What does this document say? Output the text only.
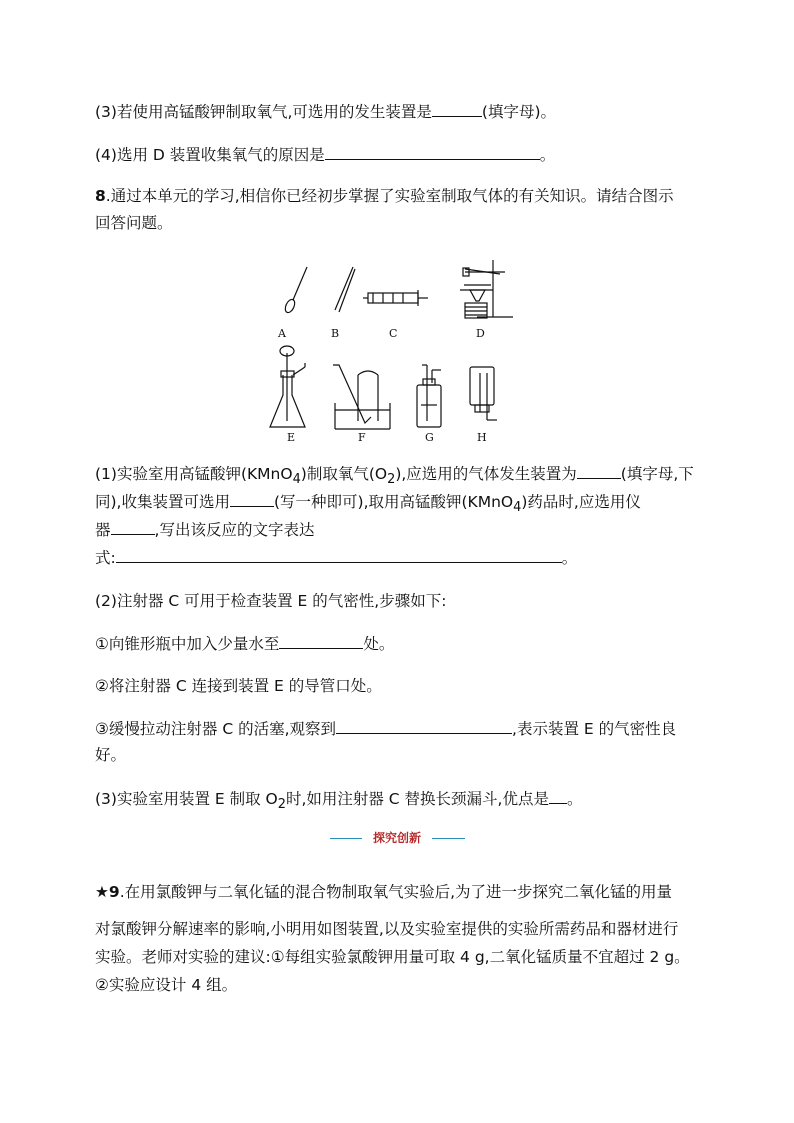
(3)若使用高锰酸钾制取氧气,可选用的发生装置是	(填字母)。
(4)选用 D 装置收集氧气的原因是	。
8.通过本单元的学习,相信你已经初步掌握了实验室制取气体的有关知识。请结合图示
回答问题。
A	B	C	D
E	F	G	H
(1)实验室用高锰酸钾(KMnO$_4$)制取氧气$(O_2)$,应选用的气体发生装置为	(填字母,下
同),收集装置可选用	(写一种即可),取用高锰酸钾(KMnO$_4$)药品时,应选用仪
器	,写出该反应的文字表达
式:	。
(2)注射器 C 可用于检查装置 E 的气密性,步骤如下:
①向锥形瓶中加入少量水至	处。
②将注射器 C 连接到装置 E 的导管口处。
③缓慢拉动注射器 C 的活塞,观察到	,表示装置 E 的气密性良
好。
(3)实验室用装置 E 制取 $O_2$时,如用注射器 C 替换长颈漏斗,优点是 。
探究创新
★9.在用氯酸钾与二氧化锰的混合物制取氧气实验后,为了进一步探究二氧化锰的用量
对氯酸钾分解速率的影响,小明用如图装置,以及实验室提供的实验所需药品和器材进行
实验。老师对实验的建议:①每组实验氯酸钾用量可取 4 g,二氧化锰质量不宜超过 2 g。
②实验应设计 4 组。
